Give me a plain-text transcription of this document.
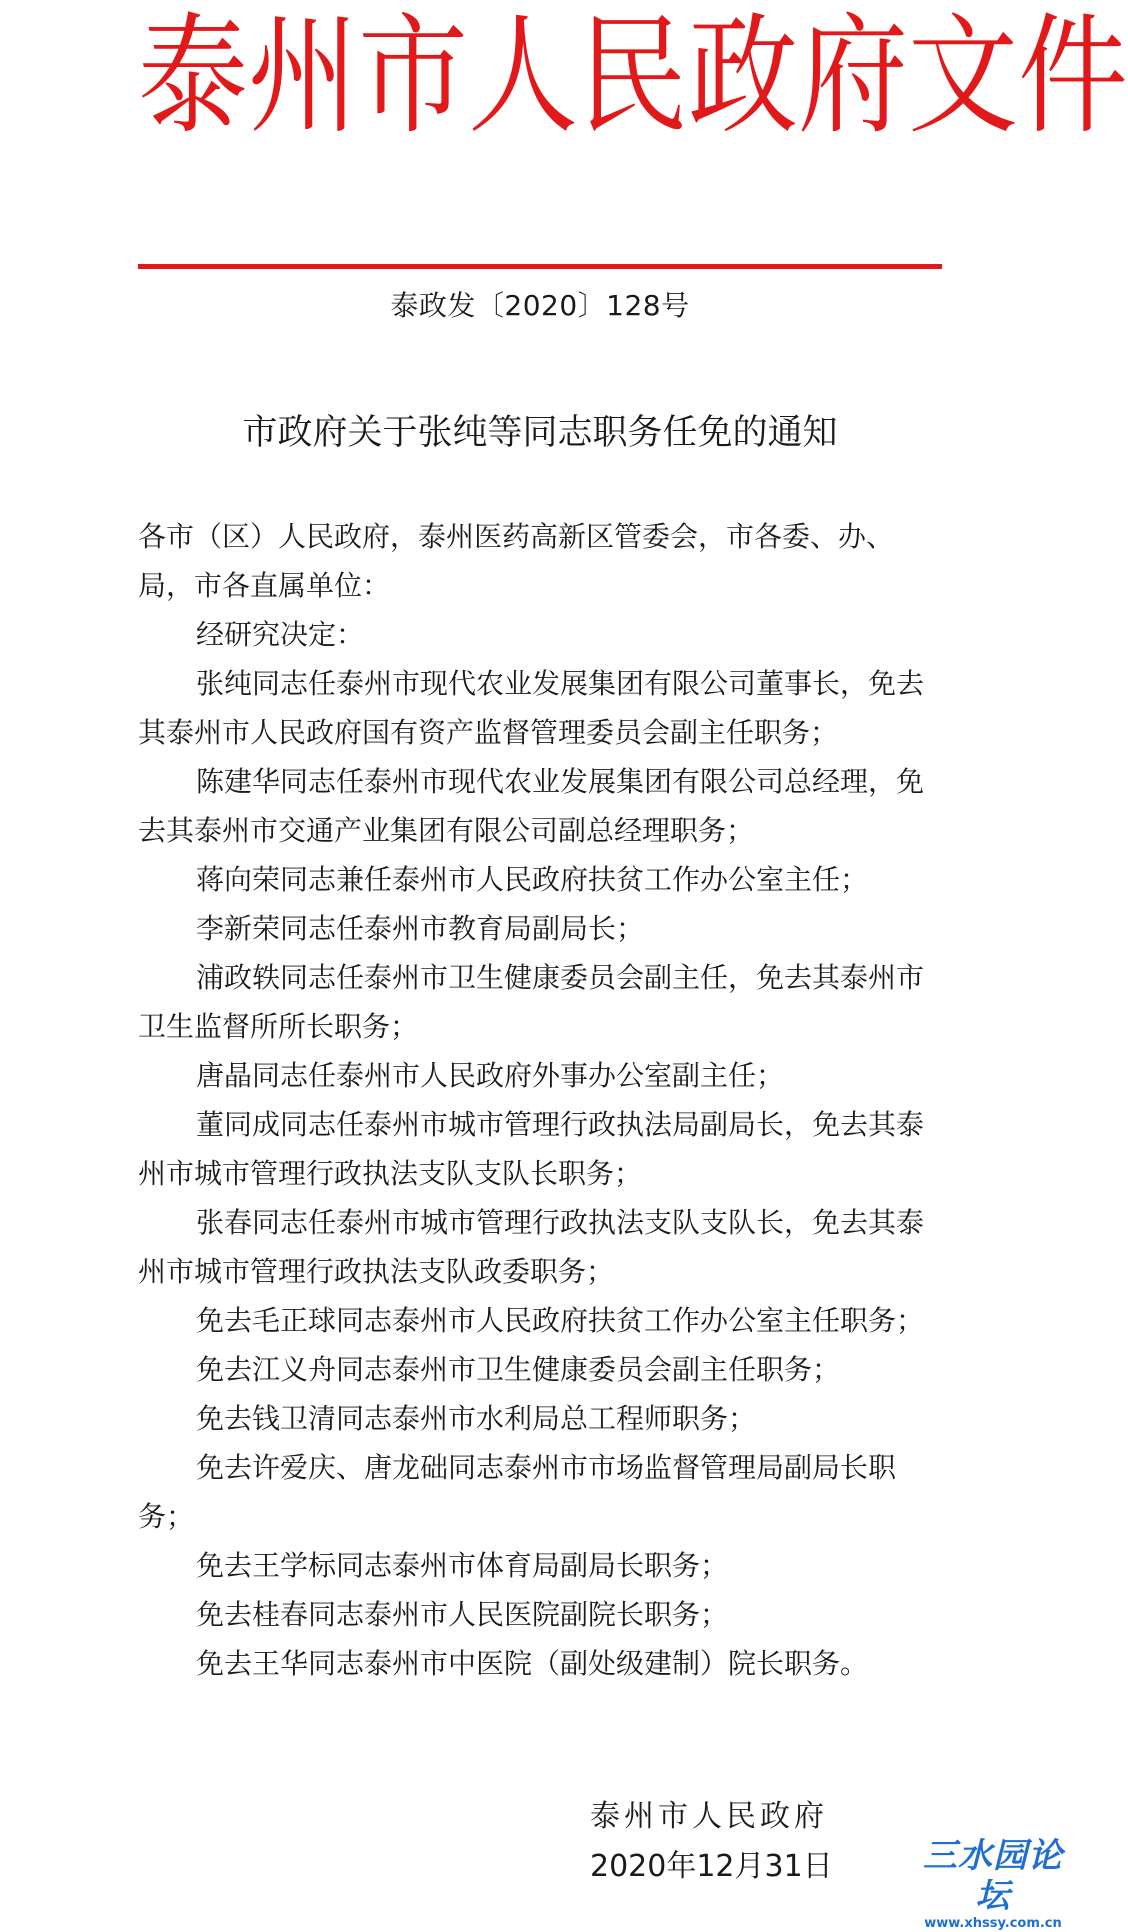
泰 州 市 人 民 政 府 文 件
泰政发〔2020〕128号
市政府关于张纯等同志职务任免的通知

各市（区）人民政府，泰州医药高新区管委会，市各委、办、局，市各直属单位：

经研究决定：

张纯同志任泰州市现代农业发展集团有限公司董事长，免去其泰州市人民政府国有资产监督管理委员会副主任职务；

陈建华同志任泰州市现代农业发展集团有限公司总经理，免去其泰州市交通产业集团有限公司副总经理职务；

蒋向荣同志兼任泰州市人民政府扶贫工作办公室主任；

李新荣同志任泰州市教育局副局长；

浦政轶同志任泰州市卫生健康委员会副主任，免去其泰州市卫生监督所所长职务；

唐晶同志任泰州市人民政府外事办公室副主任；

董同成同志任泰州市城市管理行政执法局副局长，免去其泰州市城市管理行政执法支队支队长职务；

张春同志任泰州市城市管理行政执法支队支队长，免去其泰州市城市管理行政执法支队政委职务；

免去毛正球同志泰州市人民政府扶贫工作办公室主任职务；

免去江义舟同志泰州市卫生健康委员会副主任职务；

免去钱卫清同志泰州市水利局总工程师职务；

免去许爱庆、唐龙础同志泰州市市场监督管理局副局长职务；

免去王学标同志泰州市体育局副局长职务；

免去桂春同志泰州市人民医院副院长职务；

免去王华同志泰州市中医院（副处级建制）院长职务。

泰州市人民政府
2020年12月31日	三水园论坛
www.xhssy.com.cn
